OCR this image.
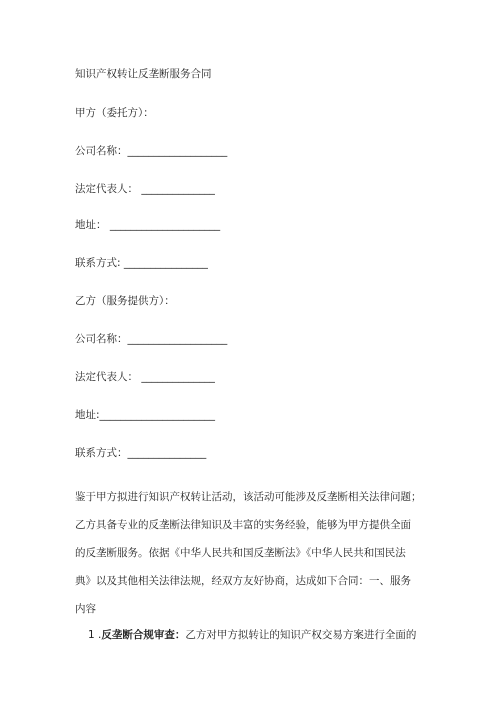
知识产权转让反垄断服务合同
甲方（委托方）：
公司名称：___________________
法定代表人： ______________
地址： _____________________
联系方式: ________________
乙方（服务提供方）：
公司名称：___________________
法定代表人： ______________
地址:______________________
联系方式：_______________
鉴于甲方拟进行知识产权转让活动，该活动可能涉及反垄断相关法律问题；
乙方具备专业的反垄断法律知识及丰富的实务经验，能够为甲方提供全面
的反垄断服务。依据《中华人民共和国反垄断法》《中华人民共和国民法
典》以及其他相关法律法规，经双方友好协商，达成如下合同：一、服务
内容
1 .反垄断合规审查：乙方对甲方拟转让的知识产权交易方案进行全面的
